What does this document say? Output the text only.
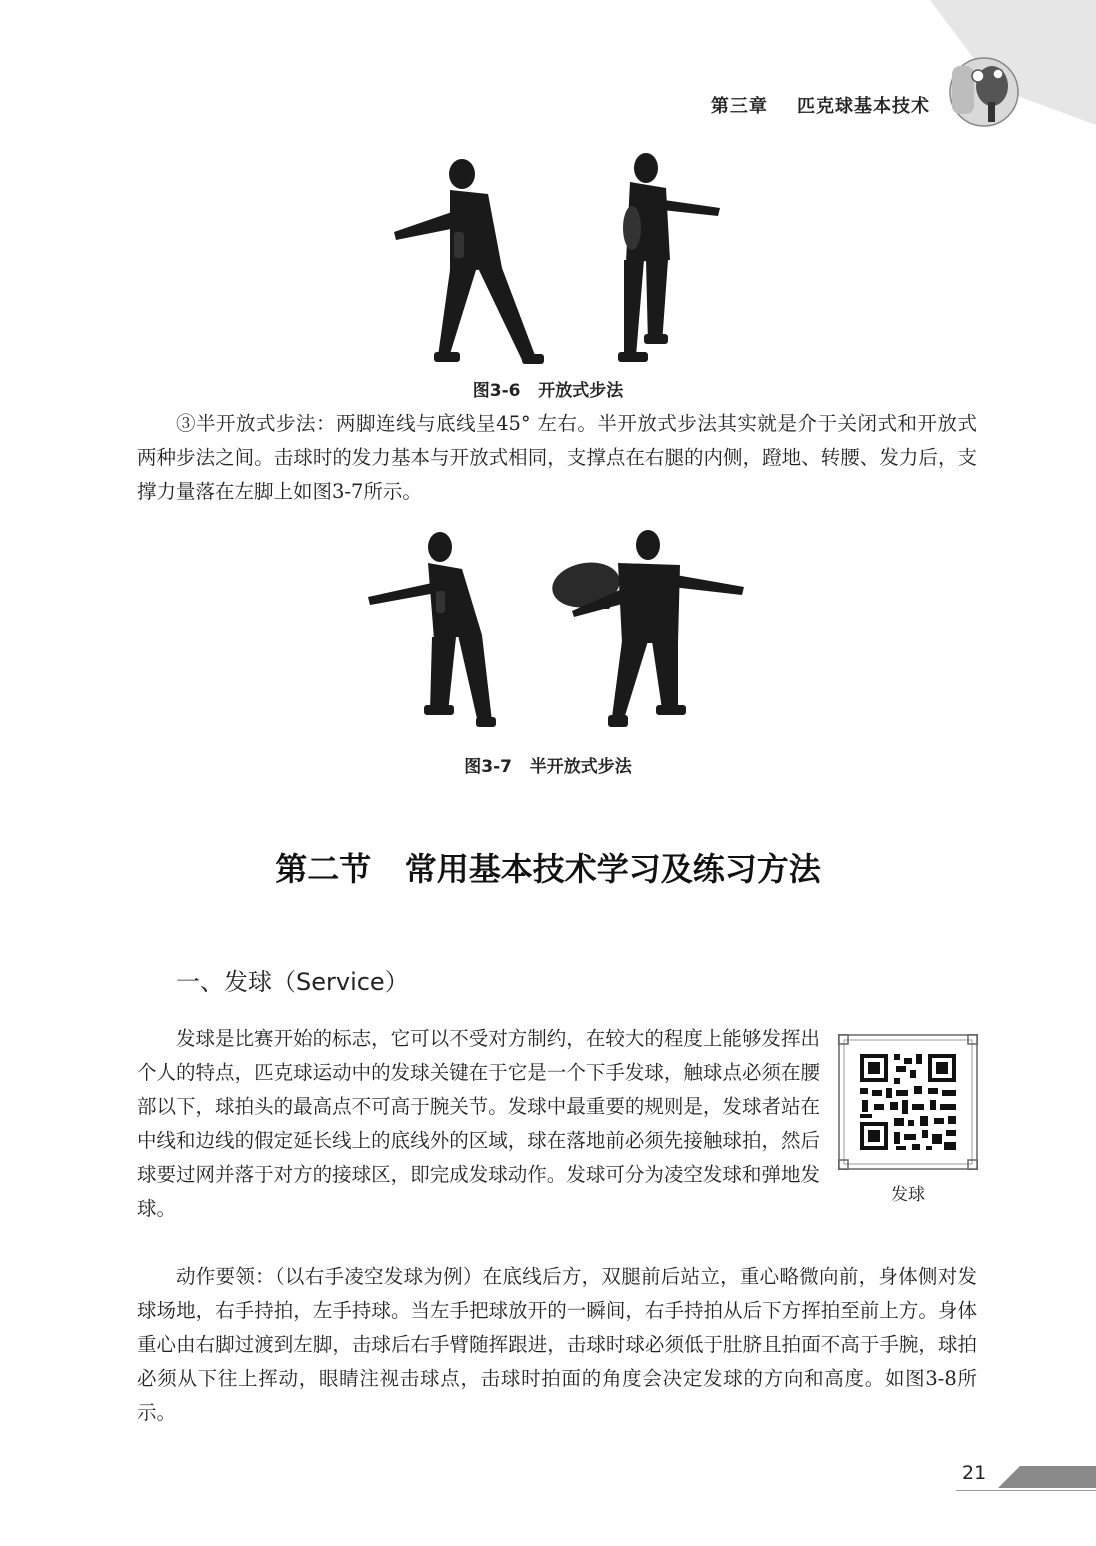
第三章 匹克球基本技术
图3-6 开放式步法

③半开放式步法：两脚连线与底线呈45° 左右。半开放式步法其实就是介于关闭式和开放式两种步法之间。击球时的发力基本与开放式相同，支撑点在右腿的内侧，蹬地、转腰、发力后，支撑力量落在左脚上如图3-7所示。

图3-7 半开放式步法
第二节 常用基本技术学习及练习方法
一、发球（Service）

发球是比赛开始的标志，它可以不受对方制约，在较大的程度上能够发挥出个人的特点，匹克球运动中的发球关键在于它是一个下手发球，触球点必须在腰部以下，球拍头的最高点不可高于腕关节。发球中最重要的规则是，发球者站在中线和边线的假定延长线上的底线外的区域，球在落地前必须先接触球拍，然后球要过网并落于对方的接球区，即完成发球动作。发球可分为凌空发球和弹地发球。

发球

动作要领：（以右手凌空发球为例）在底线后方，双腿前后站立，重心略微向前，身体侧对发球场地，右手持拍，左手持球。当左手把球放开的一瞬间，右手持拍从后下方挥拍至前上方。身体重心由右脚过渡到左脚，击球后右手臂随挥跟进，击球时球必须低于肚脐且拍面不高于手腕，球拍必须从下往上挥动，眼睛注视击球点，击球时拍面的角度会决定发球的方向和高度。如图3-8所示。

21
